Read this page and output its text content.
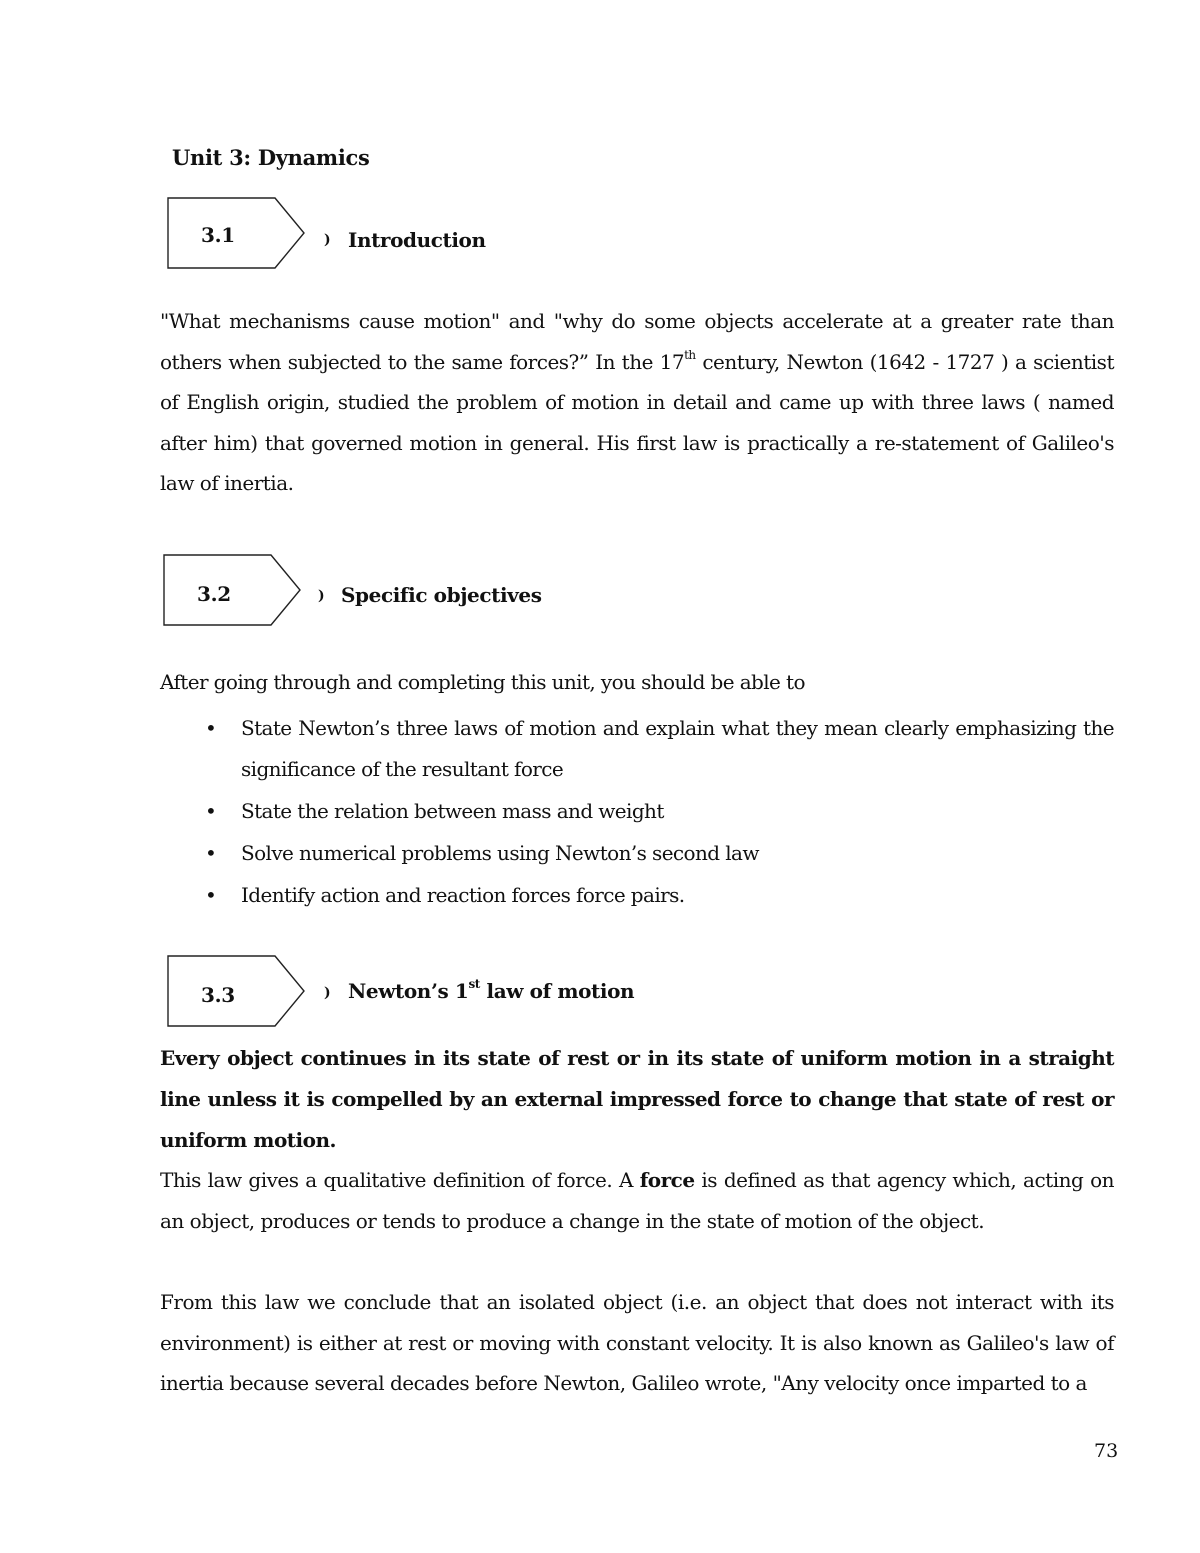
Unit 3: Dynamics
3.1	) Introduction
"What mechanisms cause motion" and "why do some objects accelerate at a greater rate than others when subjected to the same forces?” In the 17th century, Newton (1642 - 1727 ) a scientist of English origin, studied the problem of motion in detail and came up with three laws ( named after him) that governed motion in general. His first law is practically a re-statement of Galileo's law of inertia.
3.2	) Specific objectives
After going through and completing this unit, you should be able to
• State Newton’s three laws of motion and explain what they mean clearly emphasizing the significance of the resultant force
• State the relation between mass and weight
• Solve numerical problems using Newton’s second law
• Identify action and reaction forces force pairs.
3.3	) Newton’s 1st law of motion
Every object continues in its state of rest or in its state of uniform motion in a straight line unless it is compelled by an external impressed force to change that state of rest or uniform motion.
This law gives a qualitative definition of force. A force is defined as that agency which, acting on an object, produces or tends to produce a change in the state of motion of the object.
From this law we conclude that an isolated object (i.e. an object that does not interact with its environment) is either at rest or moving with constant velocity. It is also known as Galileo's law of inertia because several decades before Newton, Galileo wrote, "Any velocity once imparted to a
73
